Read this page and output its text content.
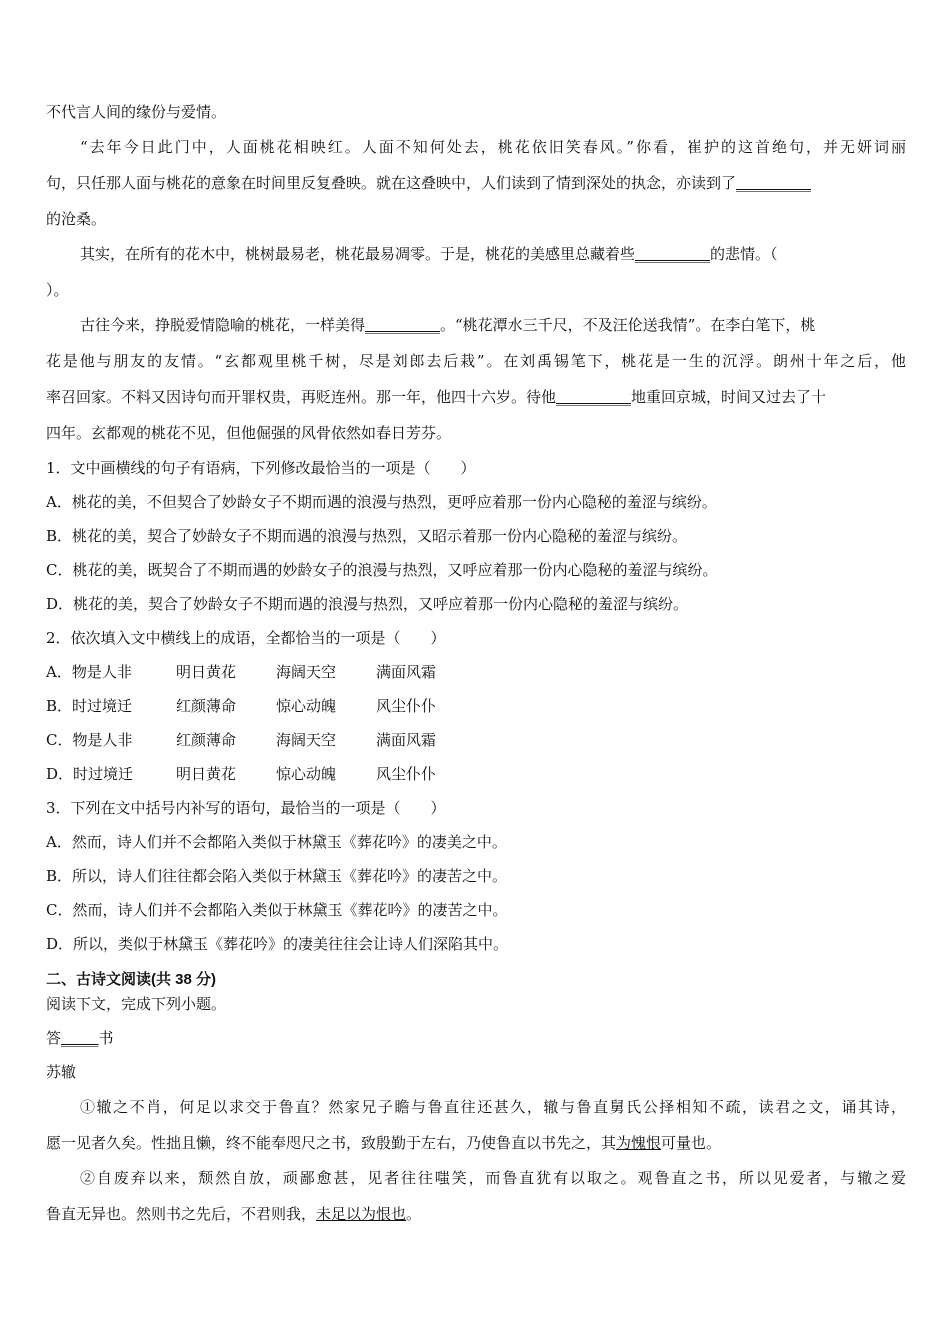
不代言人间的缘份与爱情。
“去年今日此门中，人面桃花相映红。人面不知何处去，桃花依旧笑春风。”你看，崔护的这首绝句，并无妍词丽
句，只任那人面与桃花的意象在时间里反复叠映。就在这叠映中，人们读到了情到深处的执念，亦读到了__________
的沧桑。
其实，在所有的花木中，桃树最易老，桃花最易凋零。于是，桃花的美感里总藏着些__________的悲情。（
）。
古往今来，挣脱爱情隐喻的桃花，一样美得__________。“桃花潭水三千尺，不及汪伦送我情”。在李白笔下，桃
花是他与朋友的友情。“玄都观里桃千树，尽是刘郎去后栽”。在刘禹锡笔下，桃花是一生的沉浮。朗州十年之后，他
率召回家。不料又因诗句而开罪权贵，再贬连州。那一年，他四十六岁。待他__________地重回京城，时间又过去了十
四年。玄都观的桃花不见，但他倔强的风骨依然如春日芳芬。
1．文中画横线的句子有语病，下列修改最恰当的一项是（　　）
A．桃花的美，不但契合了妙龄女子不期而遇的浪漫与热烈，更呼应着那一份内心隐秘的羞涩与缤纷。
B．桃花的美，契合了妙龄女子不期而遇的浪漫与热烈，又昭示着那一份内心隐秘的羞涩与缤纷。
C．桃花的美，既契合了不期而遇的妙龄女子的浪漫与热烈，又呼应着那一份内心隐秘的羞涩与缤纷。
D．桃花的美，契合了妙龄女子不期而遇的浪漫与热烈，又呼应着那一份内心隐秘的羞涩与缤纷。
2．依次填入文中横线上的成语，全都恰当的一项是（　　）
A．物是人非	明日黄花	海阔天空	满面风霜
B．时过境迁	红颜薄命	惊心动魄	风尘仆仆
C．物是人非	红颜薄命	海阔天空	满面风霜
D．时过境迁	明日黄花	惊心动魄	风尘仆仆
3．下列在文中括号内补写的语句，最恰当的一项是（　　）
A．然而，诗人们并不会都陷入类似于林黛玉《葬花吟》的凄美之中。
B．所以，诗人们往往都会陷入类似于林黛玉《葬花吟》的凄苦之中。
C．然而，诗人们并不会都陷入类似于林黛玉《葬花吟》的凄苦之中。
D．所以，类似于林黛玉《葬花吟》的凄美往往会让诗人们深陷其中。
二、古诗文阅读(共 38 分)
阅读下文，完成下列小题。
答_____书
苏辙
①辙之不肖，何足以求交于鲁直？然家兄子瞻与鲁直往还甚久，辙与鲁直舅氏公择相知不疏，读君之文，诵其诗，
愿一见者久矣。性拙且懒，终不能奉咫尺之书，致殷勤于左右，乃使鲁直以书先之，其为愧恨可量也。
②自废弃以来，颓然自放，顽鄙愈甚，见者往往嗤笑，而鲁直犹有以取之。观鲁直之书，所以见爱者，与辙之爱
鲁直无异也。然则书之先后，不君则我，未足以为恨也。
